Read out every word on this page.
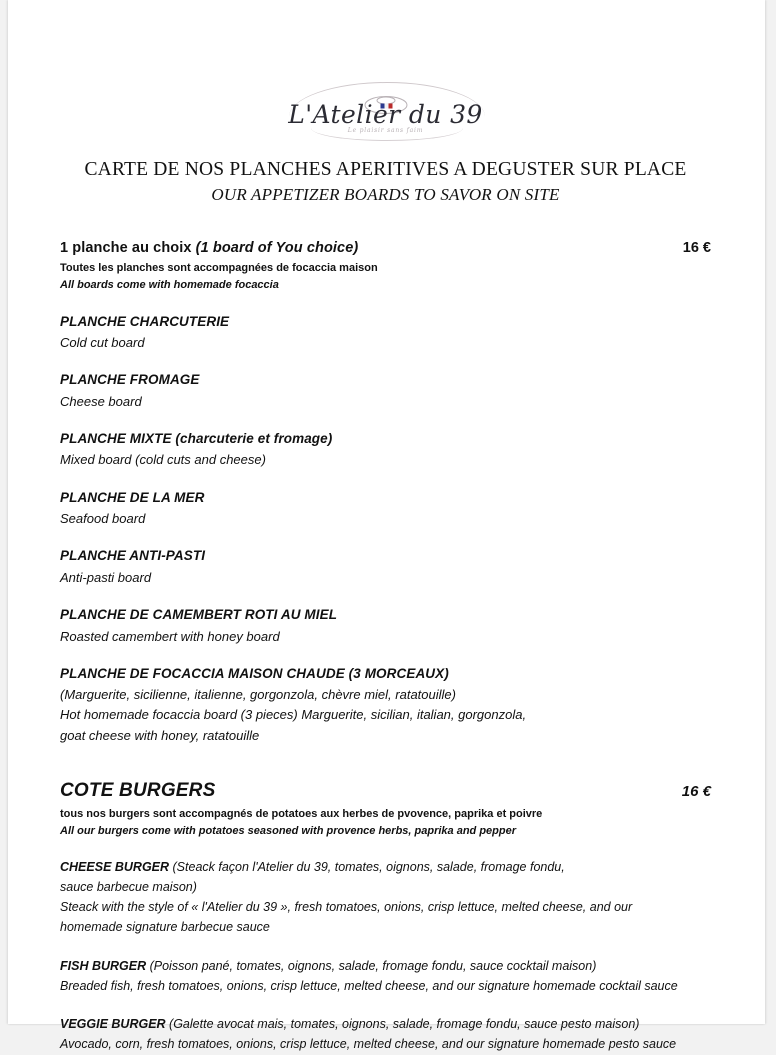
L'Atelier du 39
Le plaisir sans faim
CARTE DE NOS PLANCHES APERITIVES A DEGUSTER SUR PLACE
OUR APPETIZER BOARDS TO SAVOR ON SITE
1 planche au choix (1 board of You choice)	16 €
Toutes les planches sont accompagnées de focaccia maison
All boards come with homemade focaccia
PLANCHE CHARCUTERIE
Cold cut board
PLANCHE FROMAGE
Cheese board
PLANCHE MIXTE (charcuterie et fromage)
Mixed board (cold cuts and cheese)
PLANCHE DE LA MER
Seafood board
PLANCHE ANTI-PASTI
Anti-pasti board
PLANCHE DE CAMEMBERT ROTI AU MIEL
Roasted camembert with honey board
PLANCHE DE FOCACCIA MAISON CHAUDE (3 MORCEAUX)
(Marguerite, sicilienne, italienne, gorgonzola, chèvre miel, ratatouille)
Hot homemade focaccia board (3 pieces) Marguerite, sicilian, italian, gorgonzola,
goat cheese with honey, ratatouille
COTE BURGERS	16 €
tous nos burgers sont accompagnés de potatoes aux herbes de pvovence, paprika et poivre
All our burgers come with potatoes seasoned with provence herbs, paprika and pepper
CHEESE BURGER (Steack façon l'Atelier du 39, tomates, oignons, salade, fromage fondu,
sauce barbecue maison)
Steack with the style of « l'Atelier du 39 », fresh tomatoes, onions, crisp lettuce, melted cheese, and our
homemade signature barbecue sauce
FISH BURGER (Poisson pané, tomates, oignons, salade, fromage fondu, sauce cocktail maison)
Breaded fish, fresh tomatoes, onions, crisp lettuce, melted cheese, and our signature homemade cocktail sauce
VEGGIE BURGER (Galette avocat mais, tomates, oignons, salade, fromage fondu, sauce pesto maison)
Avocado, corn, fresh tomatoes, onions, crisp lettuce, melted cheese, and our signature homemade pesto sauce
